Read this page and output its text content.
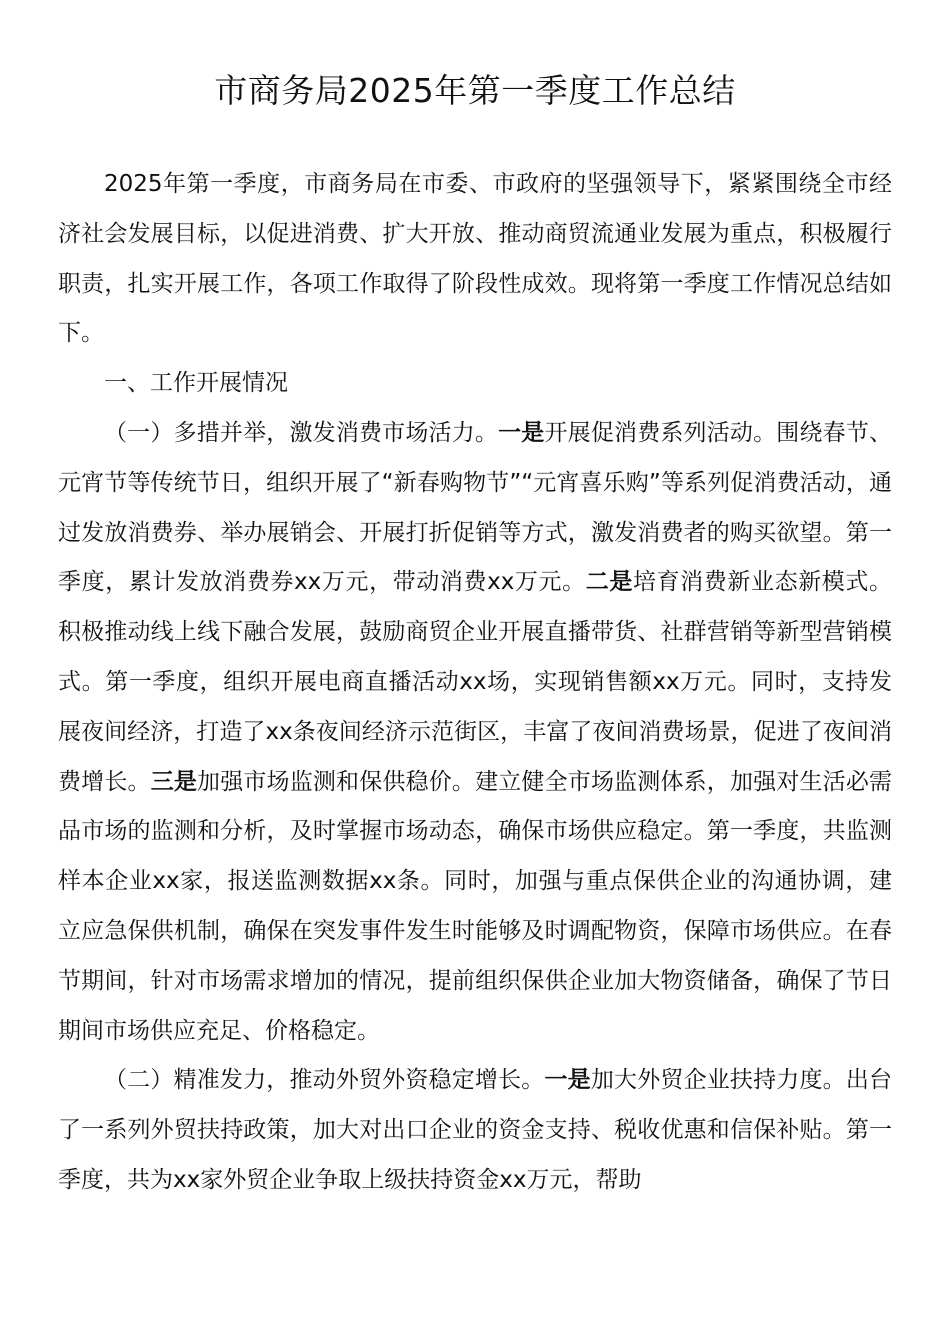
市商务局2025年第一季度工作总结

2025年第一季度，市商务局在市委、市政府的坚强领导下，紧紧围绕全市经济社会发展目标，以促进消费、扩大开放、推动商贸流通业发展为重点，积极履行职责，扎实开展工作，各项工作取得了阶段性成效。现将第一季度工作情况总结如下。

一、工作开展情况

（一）多措并举，激发消费市场活力。一是开展促消费系列活动。围绕春节、元宵节等传统节日，组织开展了“新春购物节”“元宵喜乐购”等系列促消费活动，通过发放消费券、举办展销会、开展打折促销等方式，激发消费者的购买欲望。第一季度，累计发放消费券xx万元，带动消费xx万元。二是培育消费新业态新模式。积极推动线上线下融合发展，鼓励商贸企业开展直播带货、社群营销等新型营销模式。第一季度，组织开展电商直播活动xx场，实现销售额xx万元。同时，支持发展夜间经济，打造了xx条夜间经济示范街区，丰富了夜间消费场景，促进了夜间消费增长。三是加强市场监测和保供稳价。建立健全市场监测体系，加强对生活必需品市场的监测和分析，及时掌握市场动态，确保市场供应稳定。第一季度，共监测样本企业xx家，报送监测数据xx条。同时，加强与重点保供企业的沟通协调，建立应急保供机制，确保在突发事件发生时能够及时调配物资，保障市场供应。在春节期间，针对市场需求增加的情况，提前组织保供企业加大物资储备，确保了节日期间市场供应充足、价格稳定。

（二）精准发力，推动外贸外资稳定增长。一是加大外贸企业扶持力度。出台了一系列外贸扶持政策，加大对出口企业的资金支持、税收优惠和信保补贴。第一季度，共为xx家外贸企业争取上级扶持资金xx万元，帮助
